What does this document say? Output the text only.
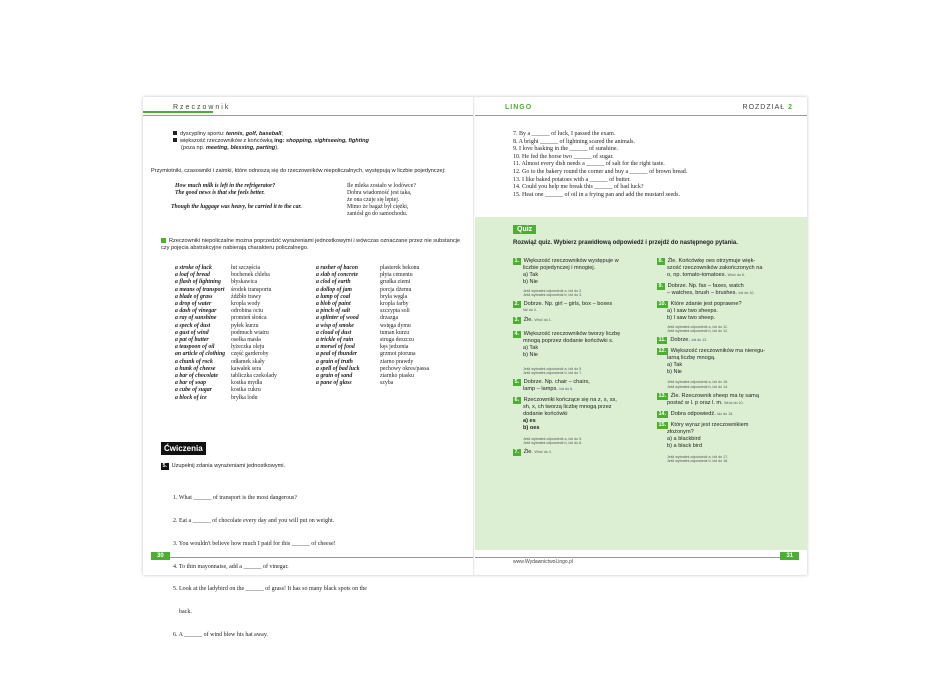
Rzeczownik
dyscypliny sportu: tennis, golf, baseball;
większość rzeczowników z końcówką ing: shopping, sightseeing, fighting
(poza np. meeting, blessing, parting).
Przymiotniki, czasowniki i zaimki, które odnoszą się do rzeczowników niepoliczalnych, występują w liczbie pojedynczej:
How much milk is left in the refrigerator?	Ile mleka zostało w lodówce?
The good news is that she feels better.	Dobra wiadomość jest taka,
że ona czuje się lepiej.
Though the luggage was heavy, he carried it to the car.	Mimo że bagaż był ciężki,
zaniósł go do samochodu.
Rzeczowniki niepoliczalne można poprzedzić wyrażeniami jednostkowymi i wówczas oznaczane przez nie substancje czy pojęcia abstrakcyjne nabierają charakteru policzalnego.
a stroke of luck	łut szczęścia
a loaf of bread	bochenek chleba
a flash of lightning	błyskawica
a means of transport	środek transportu
a blade of grass	źdźbło trawy
a drop of water	kropla wody
a dash of vinegar	odrobina octu
a ray of sunshine	promień słońca
a speck of dust	pyłek kurzu
a gust of wind	podmuch wiatru
a pat of butter	osełka masła
a teaspoon of oil	łyżeczka oleju
an article of clothing	część garderoby
a chunk of rock	odłamek skały
a hunk of cheese	kawałek sera
a bar of chocolate	tabliczka czekolady
a bar of soap	kostka mydła
a cube of sugar	kostka cukru
a block of ice	bryłka lodu
a rasher of bacon	plasterek bekonu
a slab of concrete	płyta cementu
a clod of earth	grudka ziemi
a dollop of jam	porcja dżemu
a lump of coal	bryła węgla
a blob of paint	kropla farby
a pinch of salt	szczypta soli
a splinter of wood	drzazga
a wisp of smoke	wstęga dymu
a cloud of dust	tuman kurzu
a trickle of rain	struga deszczu
a morsel of food	kęs jedzenia
a peal of thunder	grzmot pioruna
a grain of truth	ziarno prawdy
a spell of bad luck	pechowy okres/passa
a grain of sand	ziarnko piasku
a pane of glass	szyba
Ćwiczenia
5. Uzupełnij zdania wyrażeniami jednostkowymi.

1. What ______ of transport is the most dangerous?

2. Eat a ______ of chocolate every day and you will put on weight.

3. You wouldn't believe how much I paid for this ______ of cheese!

4. To thin mayonnaise, add a ______ of vinegar.

5. Look at the ladybird on the ______ of grass! It has so many black spots on the

back.

6. A ______ of wind blew his hat away.

30
LINGO	ROZDZIAŁ 2
7. By a ______ of luck, I passed the exam.
8. A bright ______ of lightning scared the animals.
9. I love basking in the ______ of sunshine.
10. He fed the horse two ______ of sugar.
11. Almost every dish needs a ______ of salt for the right taste.
12. Go to the bakery round the corner and buy a ______ of brown bread.
13. I like baked potatoes with a ______ of butter.
14. Could you help me break this ______ of bad luck?
15. Heat one ______ of oil in a frying pan and add the mustard seeds.
Quiz
Rozwiąż quiz. Wybierz prawidłową odpowiedź i przejdź do następnego pytania.
1. Większość rzeczowników występuje w
liczbie pojedynczej i mnogiej.
a) Tak
b) Nie
Jeśli wybrałeś odpowiedź a, idź do 2.
Jeśli wybrałeś odpowiedź b, idź do 3.
2. Dobrze. Np. girl – girls, box – boxes
Idź do 4.
3. Źle. Wróć do 1.
4. Większość rzeczowników tworzy liczbę
mnogą poprzez dodanie końcówki s.
a) Tak
b) Nie
Jeśli wybrałeś odpowiedź a, idź do 5.
Jeśli wybrałeś odpowiedź b, idź do 7.
5. Dobrze. Np. chair – chairs,
lamp – lamps. Idź do 6.
6. Rzeczowniki kończące się na z, s, ss,
sh, x, ch tworzą liczbę mnogą przez
dodanie końcówki
a) es
b) oes
Jeśli wybrałeś odpowiedź a, idź do 9.
Jeśli wybrałeś odpowiedź b, idź do 8.
7. Źle. Wróć do 4.
8. Źle. Końcówkę oes otrzymuje więk-
szość rzeczowników zakończonych na
o, np. tomato-tomatoes. Wróć do 6.
9. Dobrze. Np. fax – faxes, watch
– watches, brush – brushes. Idź do 10.
10. Które zdanie jest poprawne?
a) I saw two sheeps.
b) I saw two sheep.
Jeśli wybrałeś odpowiedź a, idź do 11.
Jeśli wybrałeś odpowiedź b, idź do 12.
11. Dobrze. Idź do 13.
12. Większość rzeczowników ma nieregu-
larną liczbę mnogą.
a) Tak
b) Nie
Jeśli wybrałeś odpowiedź a, idź do 16.
Jeśli wybrałeś odpowiedź b, idź do 14.
13. Źle. Rzeczownik sheep ma tę samą
postać w l. p oraz l. m. Wróć do 10.
14. Dobra odpowiedź. Idź do 15.
15. Który wyraz jest rzeczownikiem
złożonym?
a) a blackbird
b) a black bird
Jeśli wybrałeś odpowiedź a, idź do 17.
Jeśli wybrałeś odpowiedź b, idź do 18.
www.WydawnictwoLingo.pl
31
